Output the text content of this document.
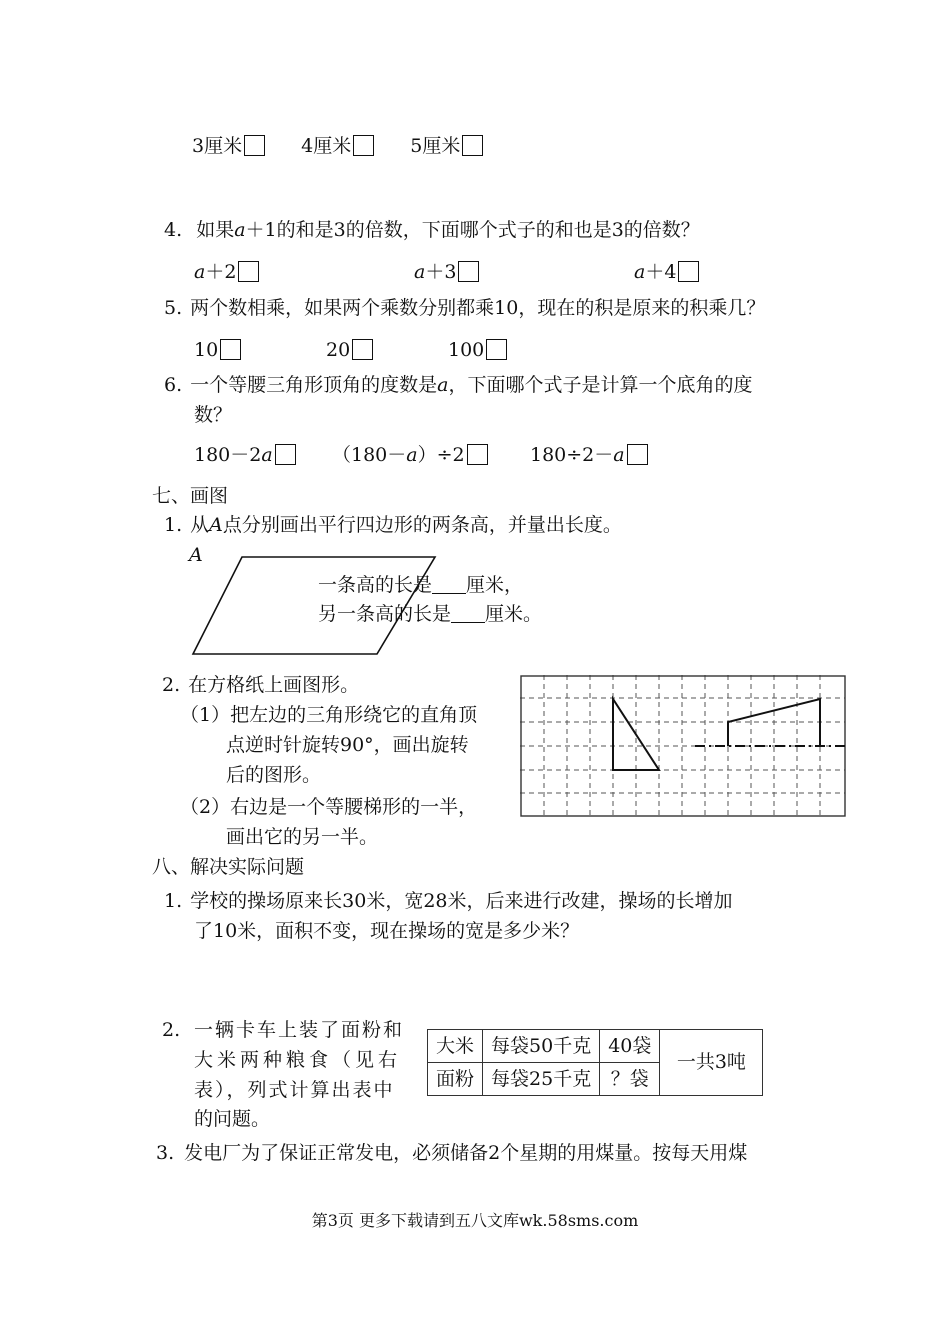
3厘米	4厘米	5厘米
4. 如果a＋1的和是3的倍数，下面哪个式子的和也是3的倍数？
a＋2	a＋3	a＋4
5. 两个数相乘，如果两个乘数分别都乘10，现在的积是原来的积乘几？
10	20	100
6. 一个等腰三角形顶角的度数是a，下面哪个式子是计算一个底角的度
数？
180－2a	（180－a）÷2	180÷2－a
七、画图
1. 从A点分别画出平行四边形的两条高，并量出长度。
A
一条高的长是 厘米，
另一条高的长是 厘米。
2. 在方格纸上画图形。
（1）把左边的三角形绕它的直角顶
点逆时针旋转90°，画出旋转
后的图形。
（2）右边是一个等腰梯形的一半，
画出它的另一半。
八、解决实际问题
1. 学校的操场原来长30米，宽28米，后来进行改建，操场的长增加
了10米，面积不变，现在操场的宽是多少米？
2. 一辆卡车上装了面粉和
大米两种粮食（见右
表），列式计算出表中
的问题。
大米	每袋50千克	40袋	一共3吨
面粉	每袋25千克	？袋	
3. 发电厂为了保证正常发电，必须储备2个星期的用煤量。按每天用煤
第3页 更多下载请到五八文库wk.58sms.com
